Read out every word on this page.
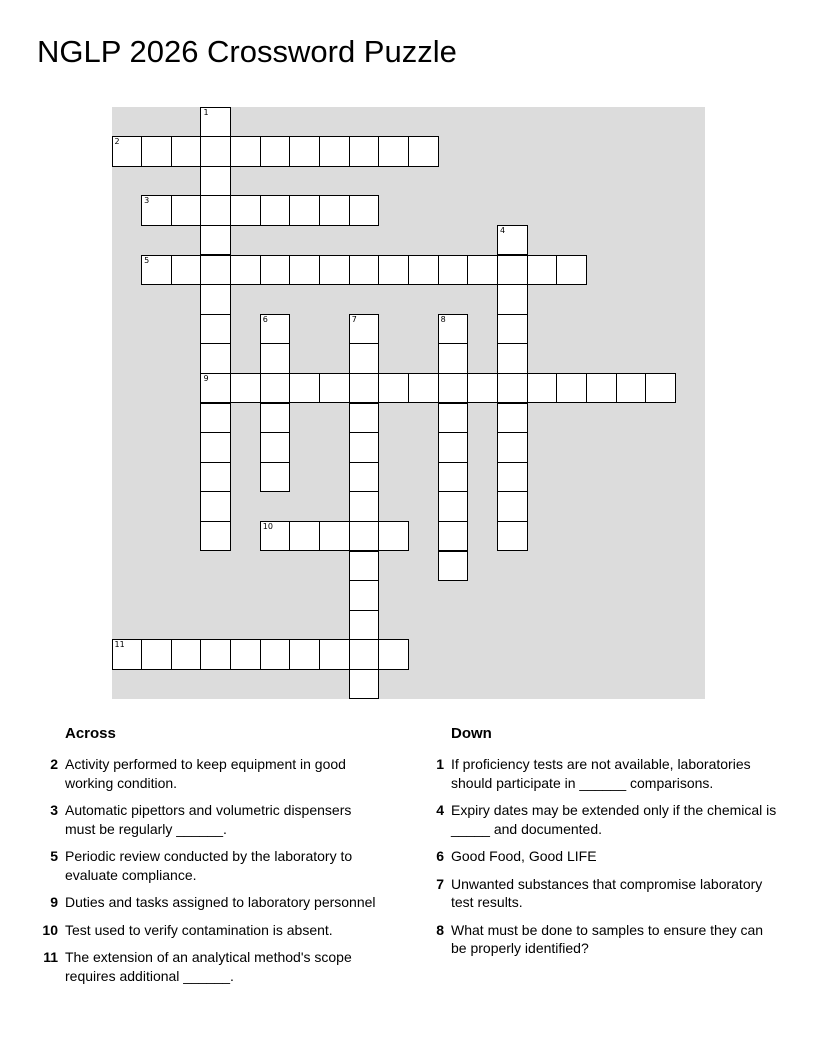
NGLP 2026 Crossword Puzzle
1
9
2
3
4
5
6	7	8
10
11
Across
2 Activity performed to keep equipment in good working condition.
3 Automatic pipettors and volumetric dispensers must be regularly ______.
5 Periodic review conducted by the laboratory to evaluate compliance.
9 Duties and tasks assigned to laboratory personnel
10 Test used to verify contamination is absent.
11 The extension of an analytical method's scope requires additional ______.
Down
1 If proficiency tests are not available, laboratories should participate in ______ comparisons.
4 Expiry dates may be extended only if the chemical is _____ and documented.
6 Good Food, Good LIFE
7 Unwanted substances that compromise laboratory test results.
8 What must be done to samples to ensure they can be properly identified?
